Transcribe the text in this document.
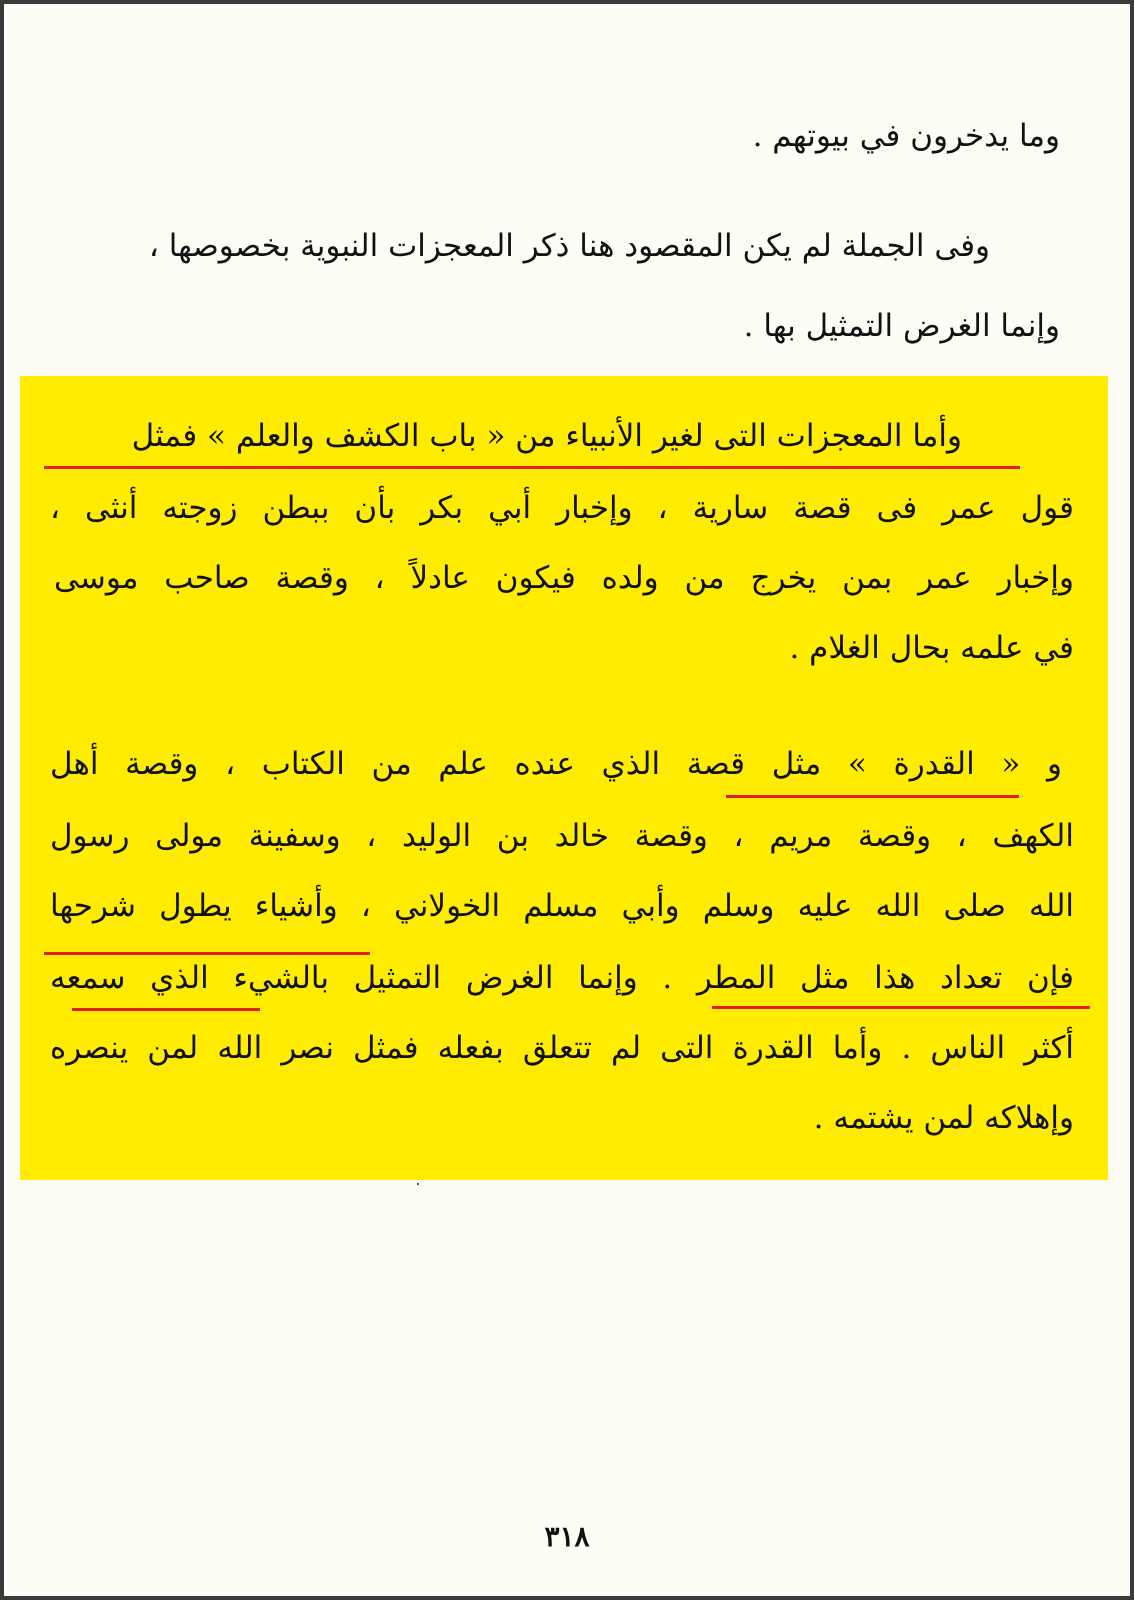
وما يدخرون في بيوتهم .
وفى الجملة لم يكن المقصود هنا ذكر المعجزات النبوية بخصوصها ،
وإنما الغرض التمثيل بها .
وأما المعجزات التى لغير الأنبياء من « باب الكشف والعلم » فمثل
قول عمر فى قصة سارية ، وإخبار أبي بكر بأن ببطن زوجته أنثى ،
وإخبار عمر بمن يخرج من ولده فيكون عادلاً ، وقصة صاحب موسى
في علمه بحال الغلام .
و « القدرة » مثل قصة الذي عنده علم من الكتاب ، وقصة أهل
الكهف ، وقصة مريم ، وقصة خالد بن الوليد ، وسفينة مولى رسول
الله صلى الله عليه وسلم وأبي مسلم الخولاني ، وأشياء يطول شرحها
فإن تعداد هذا مثل المطر . وإنما الغرض التمثيل بالشيء الذي سمعه
أكثر الناس . وأما القدرة التى لم تتعلق بفعله فمثل نصر الله لمن ينصره
وإهلاكه لمن يشتمه .
٣١٨
